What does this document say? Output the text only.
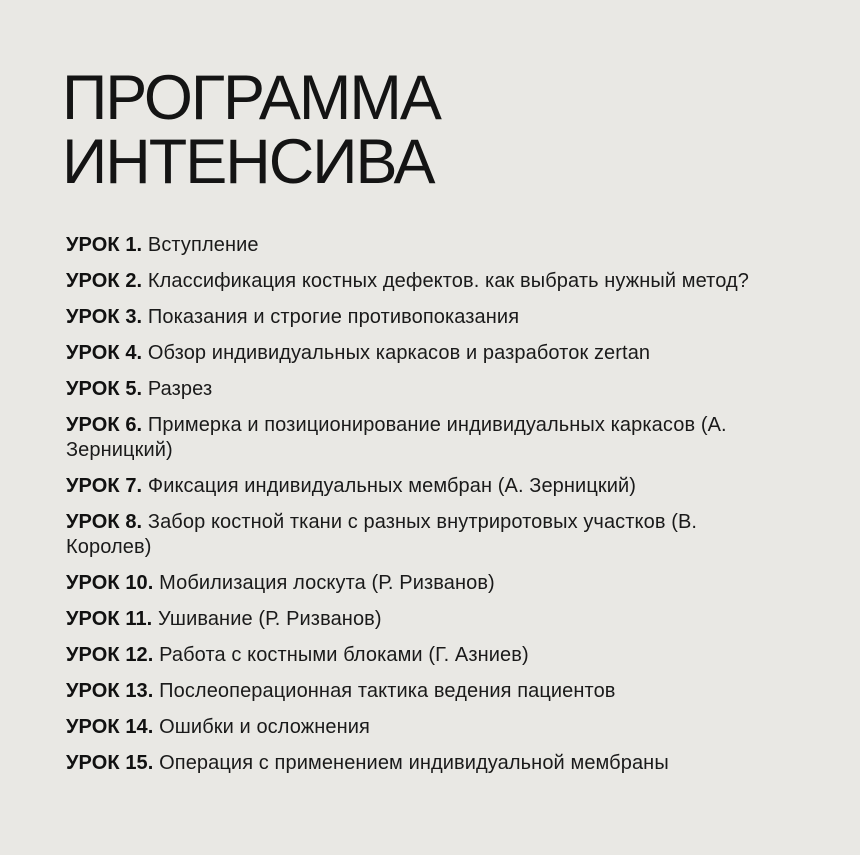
ПРОГРАММА
ИНТЕНСИВА
УРОК 1. Вступление
УРОК 2. Классификация костных дефектов. как выбрать нужный метод?
УРОК 3. Показания и строгие противопоказания
УРОК 4. Обзор индивидуальных каркасов и разработок zertan
УРОК 5. Разрез
УРОК 6. Примерка и позиционирование индивидуальных каркасов (А. Зерницкий)
УРОК 7. Фиксация индивидуальных мембран (А. Зерницкий)
УРОК 8. Забор костной ткани с разных внутриротовых участков (В. Королев)
УРОК 10. Мобилизация лоскута (Р. Ризванов)
УРОК 11. Ушивание (Р. Ризванов)
УРОК 12. Работа с костными блоками (Г. Азниев)
УРОК 13. Послеоперационная тактика ведения пациентов
УРОК 14. Ошибки и осложнения
УРОК 15. Операция с применением индивидуальной мембраны
